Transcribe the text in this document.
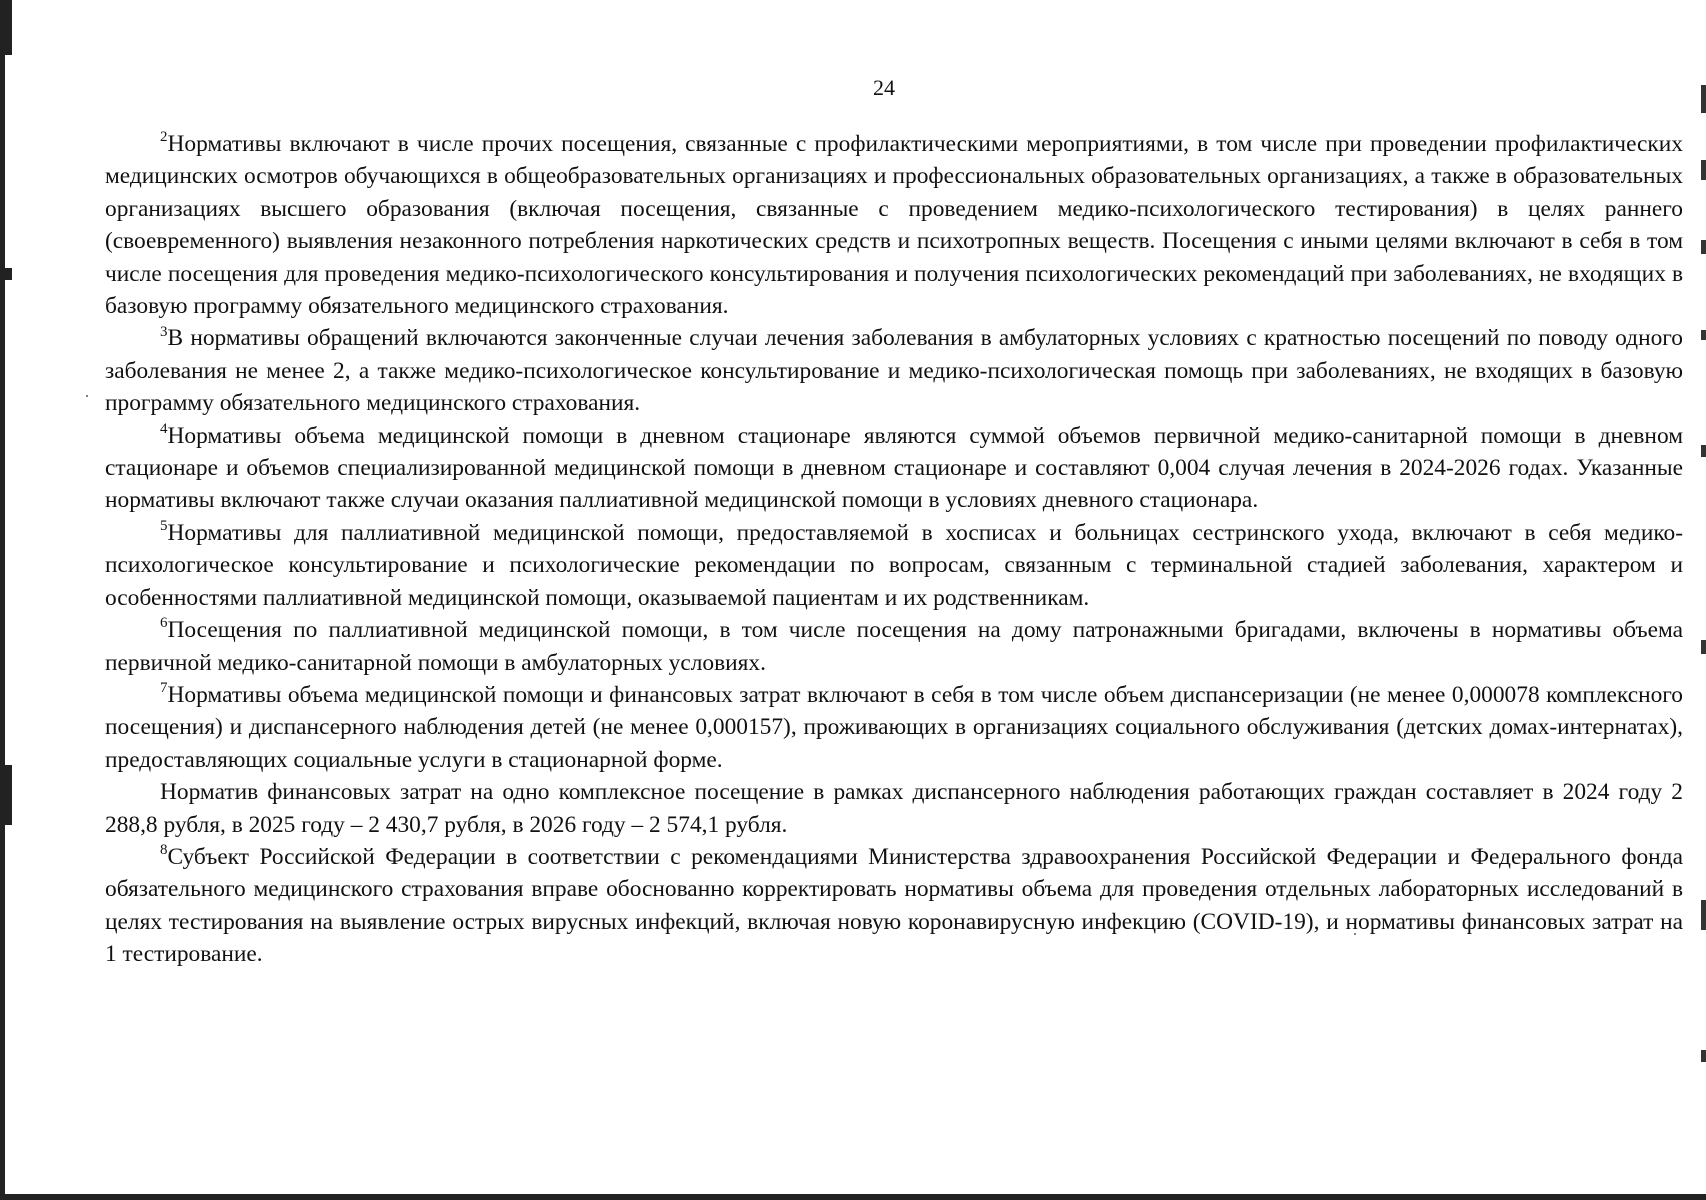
24

$^2$Нормативы включают в числе прочих посещения, связанные с профилактическими мероприятиями, в том числе при проведении профилактических медицинских осмотров обучающихся в общеобразовательных организациях и профессиональных образовательных организациях, а также в образовательных организациях высшего образования (включая посещения, связанные с проведением медико-психологического тестирования) в целях раннего (своевременного) выявления незаконного потребления наркотических средств и психотропных веществ. Посещения с иными целями включают в себя в том числе посещения для проведения медико-психологического консультирования и получения психологических рекомендаций при заболеваниях, не входящих в базовую программу обязательного медицинского страхования.

$^3$В нормативы обращений включаются законченные случаи лечения заболевания в амбулаторных условиях с кратностью посещений по поводу одного заболевания не менее 2, а также медико-психологическое консультирование и медико-психологическая помощь при заболеваниях, не входящих в базовую программу обязательного медицинского страхования.

$^4$Нормативы объема медицинской помощи в дневном стационаре являются суммой объемов первичной медико-санитарной помощи в дневном стационаре и объемов специализированной медицинской помощи в дневном стационаре и составляют 0,004 случая лечения в 2024-2026 годах. Указанные нормативы включают также случаи оказания паллиативной медицинской помощи в условиях дневного стационара.

$^5$Нормативы для паллиативной медицинской помощи, предоставляемой в хосписах и больницах сестринского ухода, включают в себя медико-психологическое консультирование и психологические рекомендации по вопросам, связанным с терминальной стадией заболевания, характером и особенностями паллиативной медицинской помощи, оказываемой пациентам и их родственникам.

$^6$Посещения по паллиативной медицинской помощи, в том числе посещения на дому патронажными бригадами, включены в нормативы объема первичной медико-санитарной помощи в амбулаторных условиях.

$^7$Нормативы объема медицинской помощи и финансовых затрат включают в себя в том числе объем диспансеризации (не менее 0,000078 комплексного посещения) и диспансерного наблюдения детей (не менее 0,000157), проживающих в организациях социального обслуживания (детских домах-интернатах), предоставляющих социальные услуги в стационарной форме.

Норматив финансовых затрат на одно комплексное посещение в рамках диспансерного наблюдения работающих граждан составляет в 2024 году 2 288,8 рубля, в 2025 году – 2 430,7 рубля, в 2026 году – 2 574,1 рубля.

$^8$Субъект Российской Федерации в соответствии с рекомендациями Министерства здравоохранения Российской Федерации и Федерального фонда обязательного медицинского страхования вправе обоснованно корректировать нормативы объема для проведения отдельных лабораторных исследований в целях тестирования на выявление острых вирусных инфекций, включая новую коронавирусную инфекцию (COVID-19), и нормативы финансовых затрат на 1 тестирование.
